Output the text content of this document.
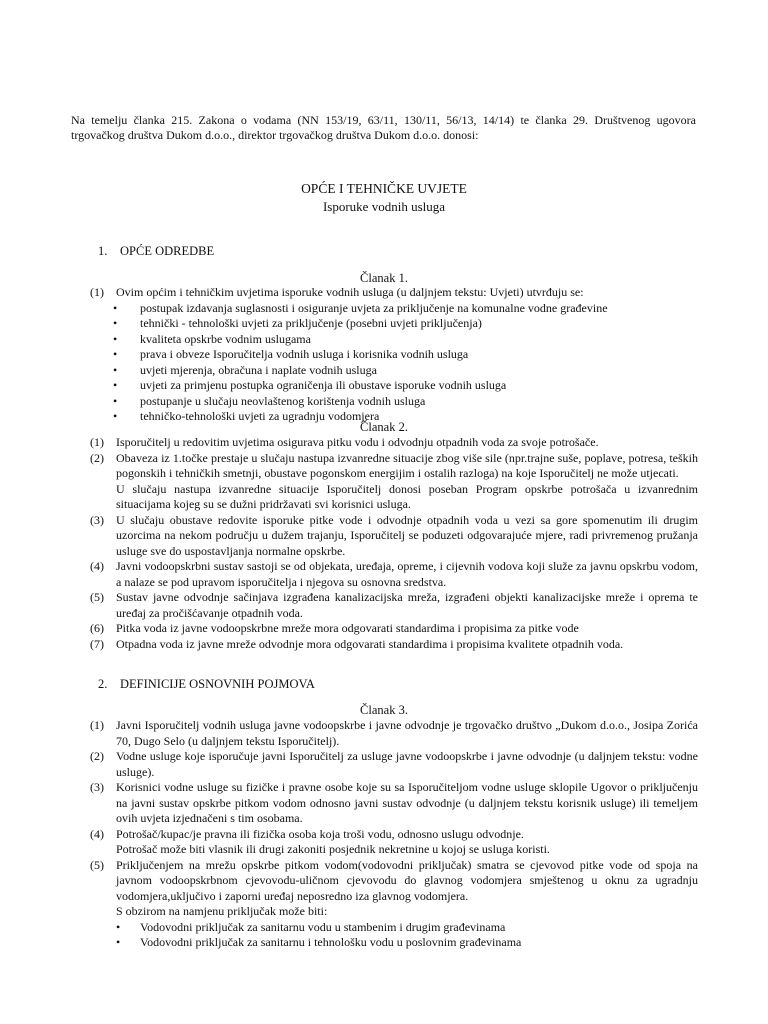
Na temelju članka 215. Zakona o vodama (NN 153/19, 63/11, 130/11, 56/13, 14/14) te članka 29. Društvenog ugovora trgovačkog društva Dukom d.o.o., direktor trgovačkog društva Dukom d.o.o. donosi:
OPĆE I TEHNIČKE UVJETE
Isporuke vodnih usluga
1. OPĆE ODREDBE
Članak 1.
(1) Ovim općim i tehničkim uvjetima isporuke vodnih usluga (u daljnjem tekstu: Uvjeti) utvrđuju se:
• postupak izdavanja suglasnosti i osiguranje uvjeta za priključenje na komunalne vodne građevine
• tehnički - tehnološki uvjeti za priključenje (posebni uvjeti priključenja)
• kvaliteta opskrbe vodnim uslugama
• prava i obveze Isporučitelja vodnih usluga i korisnika vodnih usluga
• uvjeti mjerenja, obračuna i naplate vodnih usluga
• uvjeti za primjenu postupka ograničenja ili obustave isporuke vodnih usluga
• postupanje u slučaju neovlaštenog korištenja vodnih usluga
• tehničko-tehnološki uvjeti za ugradnju vodomjera
Članak 2.
(1) Isporučitelj u redovitim uvjetima osigurava pitku vodu i odvodnju otpadnih voda za svoje potrošače.
(2) Obaveza iz 1.točke prestaje u slučaju nastupa izvanredne situacije zbog više sile (npr.trajne suše, poplave, potresa, teških pogonskih i tehničkih smetnji, obustave pogonskom energijim i ostalih razloga) na koje Isporučitelj ne može utjecati.
U slučaju nastupa izvanredne situacije Isporučitelj donosi poseban Program opskrbe potrošača u izvanrednim situacijama kojeg su se dužni pridržavati svi korisnici usluga.
(3) U slučaju obustave redovite isporuke pitke vode i odvodnje otpadnih voda u vezi sa gore spomenutim ili drugim uzorcima na nekom području u dužem trajanju, Isporučitelj se poduzeti odgovarajuće mjere, radi privremenog pružanja usluge sve do uspostavljanja normalne opskrbe.
(4) Javni vodoopskrbni sustav sastoji se od objekata, uređaja, opreme, i cijevnih vodova koji služe za javnu opskrbu vodom, a nalaze se pod upravom isporučitelja i njegova su osnovna sredstva.
(5) Sustav javne odvodnje sačinjava izgrađena kanalizacijska mreža, izgrađeni objekti kanalizacijske mreže i oprema te uređaj za pročišćavanje otpadnih voda.
(6) Pitka voda iz javne vodoopskrbne mreže mora odgovarati standardima i propisima za pitke vode
(7) Otpadna voda iz javne mreže odvodnje mora odgovarati standardima i propisima kvalitete otpadnih voda.
2. DEFINICIJE OSNOVNIH POJMOVA
Članak 3.
(1) Javni Isporučitelj vodnih usluga javne vodoopskrbe i javne odvodnje je trgovačko društvo „Dukom d.o.o., Josipa Zorića 70, Dugo Selo (u daljnjem tekstu Isporučitelj).
(2) Vodne usluge koje isporučuje javni Isporučitelj za usluge javne vodoopskrbe i javne odvodnje (u daljnjem tekstu: vodne usluge).
(3) Korisnici vodne usluge su fizičke i pravne osobe koje su sa Isporučiteljom vodne usluge sklopile Ugovor o priključenju na javni sustav opskrbe pitkom vodom odnosno javni sustav odvodnje (u daljnjem tekstu korisnik usluge) ili temeljem ovih uvjeta izjednačeni s tim osobama.
(4) Potrošač/kupac/je pravna ili fizička osoba koja troši vodu, odnosno uslugu odvodnje.
Potrošač može biti vlasnik ili drugi zakoniti posjednik nekretnine u kojoj se usluga koristi.
(5) Priključenjem na mrežu opskrbe pitkom vodom(vodovodni priključak) smatra se cjevovod pitke vode od spoja na javnom vodoopskrbnom cjevovodu-uličnom cjevovodu do glavnog vodomjera smještenog u oknu za ugradnju vodomjera,uključivo i zaporni uređaj neposredno iza glavnog vodomjera.
S obzirom na namjenu priključak može biti:
• Vodovodni priključak za sanitarnu vodu u stambenim i drugim građevinama
• Vodovodni priključak za sanitarnu i tehnološku vodu u poslovnim građevinama
